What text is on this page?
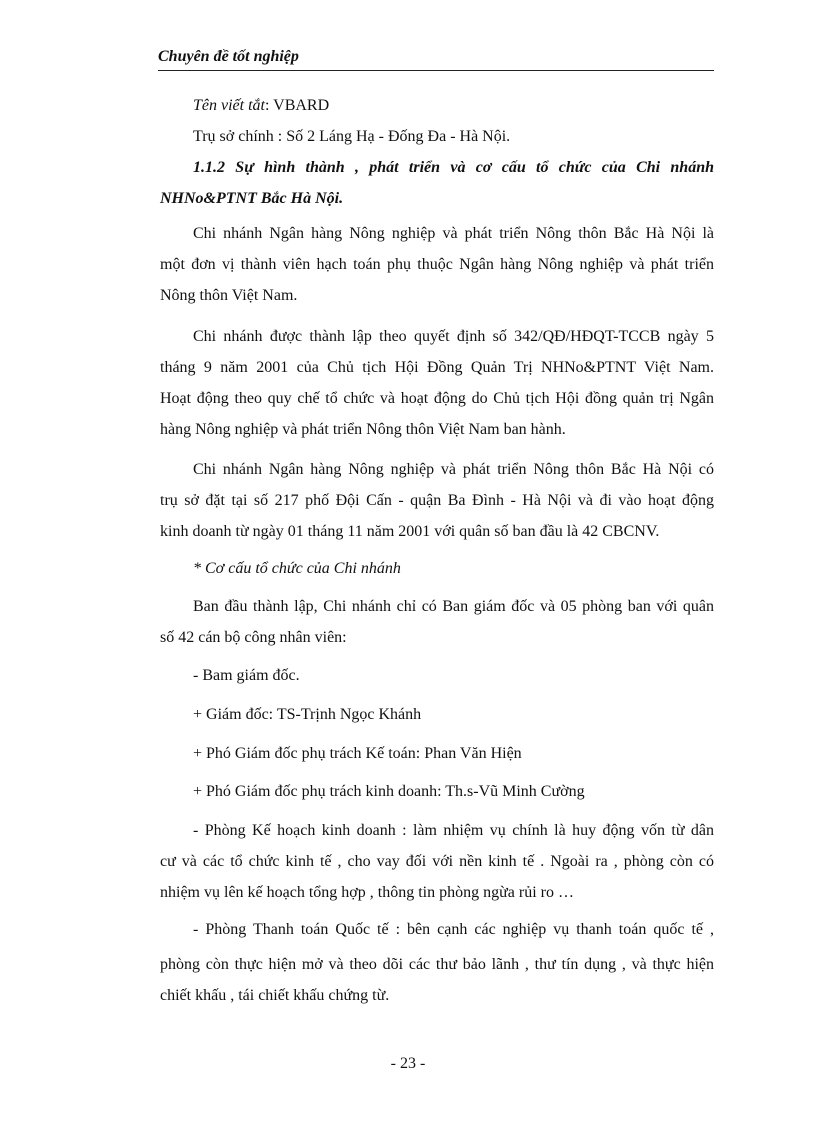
Chuyên đề tốt nghiệp
Tên viết tắt: VBARD
Trụ sở chính : Số 2 Láng Hạ - Đống Đa - Hà Nội.
1.1.2 Sự hình thành , phát triển và cơ cấu tổ chức của Chi nhánh
NHNo&PTNT Bắc Hà Nội.
Chi nhánh Ngân hàng Nông nghiệp và phát triển Nông thôn Bắc Hà Nội là
một đơn vị thành viên hạch toán phụ thuộc Ngân hàng Nông nghiệp và phát triển
Nông thôn Việt Nam.
Chi nhánh được thành lập theo quyết định số 342/QĐ/HĐQT-TCCB ngày 5
tháng 9 năm 2001 của Chủ tịch Hội Đồng Quản Trị NHNo&PTNT Việt Nam.
Hoạt động theo quy chế tổ chức và hoạt động do Chủ tịch Hội đồng quản trị Ngân
hàng Nông nghiệp và phát triển Nông thôn Việt Nam ban hành.
Chi nhánh Ngân hàng Nông nghiệp và phát triển Nông thôn Bắc Hà Nội có
trụ sở đặt tại số 217 phố Đội Cấn - quận Ba Đình - Hà Nội và đi vào hoạt động
kinh doanh từ ngày 01 tháng 11 năm 2001 với quân số ban đầu là 42 CBCNV.
* Cơ cấu tổ chức của Chi nhánh
Ban đầu thành lập, Chi nhánh chỉ có Ban giám đốc và 05 phòng ban với quân
số 42 cán bộ công nhân viên:
- Bam giám đốc.
+ Giám đốc: TS-Trịnh Ngọc Khánh
+ Phó Giám đốc phụ trách Kế toán: Phan Văn Hiện
+ Phó Giám đốc phụ trách kinh doanh: Th.s-Vũ Minh Cường
- Phòng Kế hoạch kinh doanh : làm nhiệm vụ chính là huy động vốn từ dân
cư và các tổ chức kinh tế , cho vay đối với nền kinh tế . Ngoài ra , phòng còn có
nhiệm vụ lên kế hoạch tổng hợp , thông tin phòng ngừa rủi ro …
- Phòng Thanh toán Quốc tế : bên cạnh các nghiệp vụ thanh toán quốc tế ,
phòng còn thực hiện mở và theo dõi các thư bảo lãnh , thư tín dụng , và thực hiện
chiết khấu , tái chiết khấu chứng từ.
- 23 -
